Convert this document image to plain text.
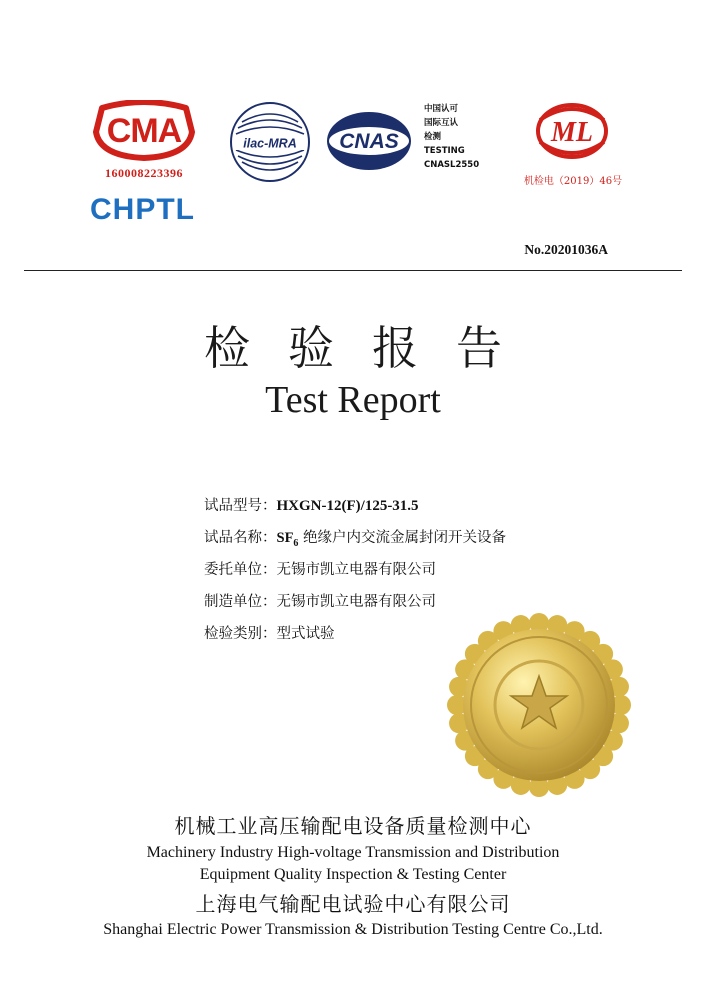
CMA
160008223396
CHPTL
ilac-MRA CNAS
中国认可
国际互认
检测
TESTING
CNASL2550
ML
机检电（2019）46号
No.20201036A
检验报告
Test Report
试品型号：HXGN-12(F)/125-31.5
试品名称：$SF_6$ 绝缘户内交流金属封闭开关设备
委托单位：无锡市凯立电器有限公司
制造单位：无锡市凯立电器有限公司
检验类别：型式试验
机械工业高压输配电设备质量检测中心
Machinery Industry High-voltage Transmission and Distribution
Equipment Quality Inspection & Testing Center
上海电气输配电试验中心有限公司
Shanghai Electric Power Transmission & Distribution Testing Centre Co.,Ltd.
